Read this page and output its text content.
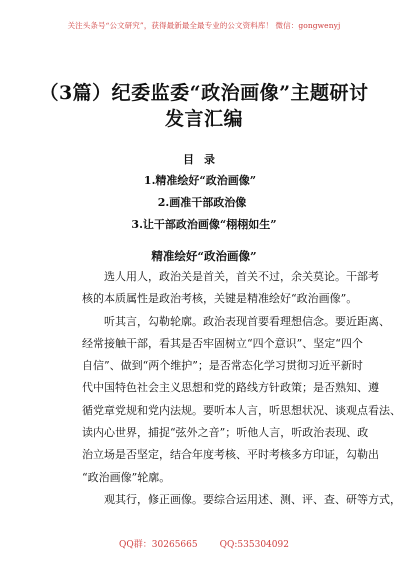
关注头条号“公文研究”，获得最新最全最专业的公文资料库！ 微信：gongwenyj
（3篇）纪委监委“政治画像”主题研讨
发言汇编
目录
1.精准绘好“政治画像”
2.画准干部政治像
3.让干部政治画像“栩栩如生”
精准绘好“政治画像”
选人用人，政治关是首关，首关不过，余关莫论。干部考
核的本质属性是政治考核，关键是精准绘好“政治画像”。
听其言，勾勒轮廓。政治表现首要看理想信念。要近距离、
经常接触干部，看其是否牢固树立“四个意识”、坚定“四个
自信”、做到“两个维护”；是否常态化学习贯彻习近平新时
代中国特色社会主义思想和党的路线方针政策；是否熟知、遵
循党章党规和党内法规。要听本人言，听思想状况、谈观点看法、
读内心世界，捕捉“弦外之音”；听他人言，听政治表现、政
治立场是否坚定，结合年度考核、平时考核多方印证，勾勒出
“政治画像”轮廓。
观其行，修正画像。要综合运用述、测、评、查、研等方式，
QQ群：30265665 QQ:535304092
